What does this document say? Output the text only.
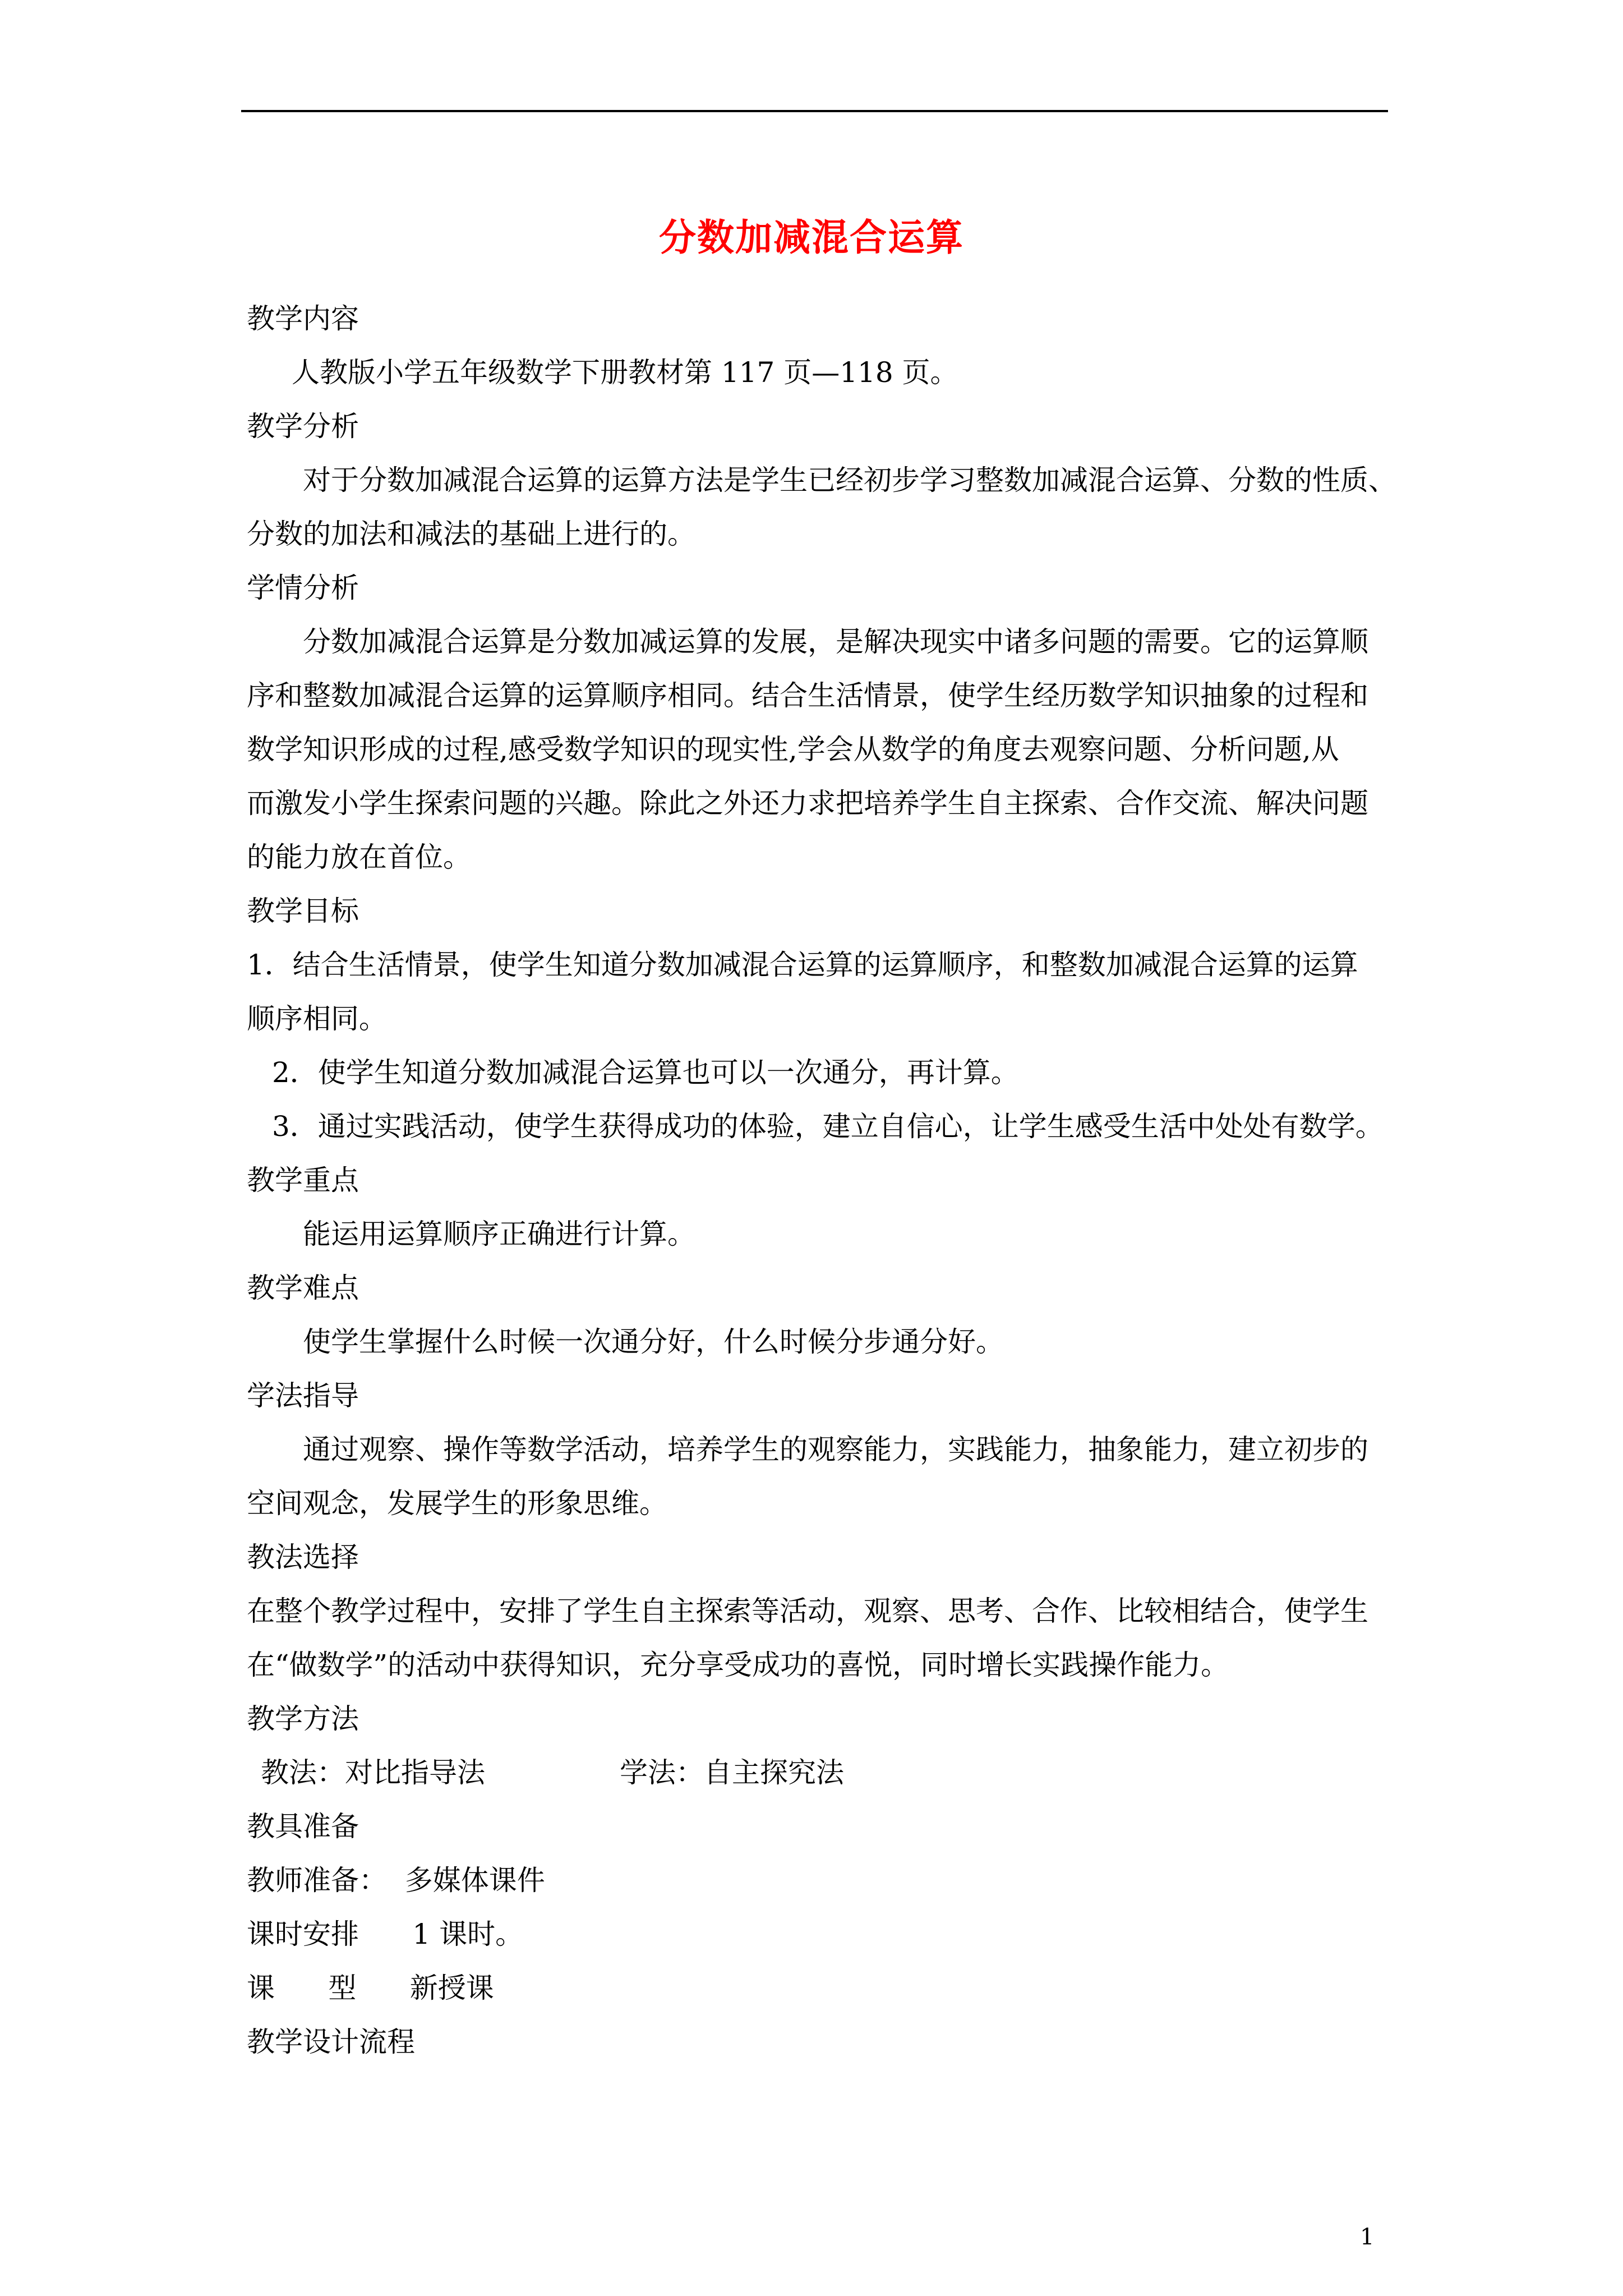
分数加减混合运算
教学内容
人教版小学五年级数学下册教材第 117 页—118 页。
教学分析
对于分数加减混合运算的运算方法是学生已经初步学习整数加减混合运算、分数的性质、
分数的加法和减法的基础上进行的。
学情分析
分数加减混合运算是分数加减运算的发展，是解决现实中诸多问题的需要。它的运算顺
序和整数加减混合运算的运算顺序相同。结合生活情景，使学生经历数学知识抽象的过程和
数学知识形成的过程,感受数学知识的现实性,学会从数学的角度去观察问题、分析问题,从
而激发小学生探索问题的兴趣。除此之外还力求把培养学生自主探索、合作交流、解决问题
的能力放在首位。
教学目标
1．结合生活情景，使学生知道分数加减混合运算的运算顺序，和整数加减混合运算的运算
顺序相同。
2．使学生知道分数加减混合运算也可以一次通分，再计算。
3．通过实践活动，使学生获得成功的体验，建立自信心，让学生感受生活中处处有数学。
教学重点
能运用运算顺序正确进行计算。
教学难点
使学生掌握什么时候一次通分好，什么时候分步通分好。
学法指导
通过观察、操作等数学活动，培养学生的观察能力，实践能力，抽象能力，建立初步的
空间观念，发展学生的形象思维。
教法选择
在整个教学过程中，安排了学生自主探索等活动，观察、思考、合作、比较相结合，使学生
在“做数学”的活动中获得知识，充分享受成功的喜悦，同时增长实践操作能力。
教学方法
教法：对比指导法	学法：自主探究法
教具准备
教师准备：  多媒体课件
课时安排      1 课时。
课      型      新授课
教学设计流程
1
